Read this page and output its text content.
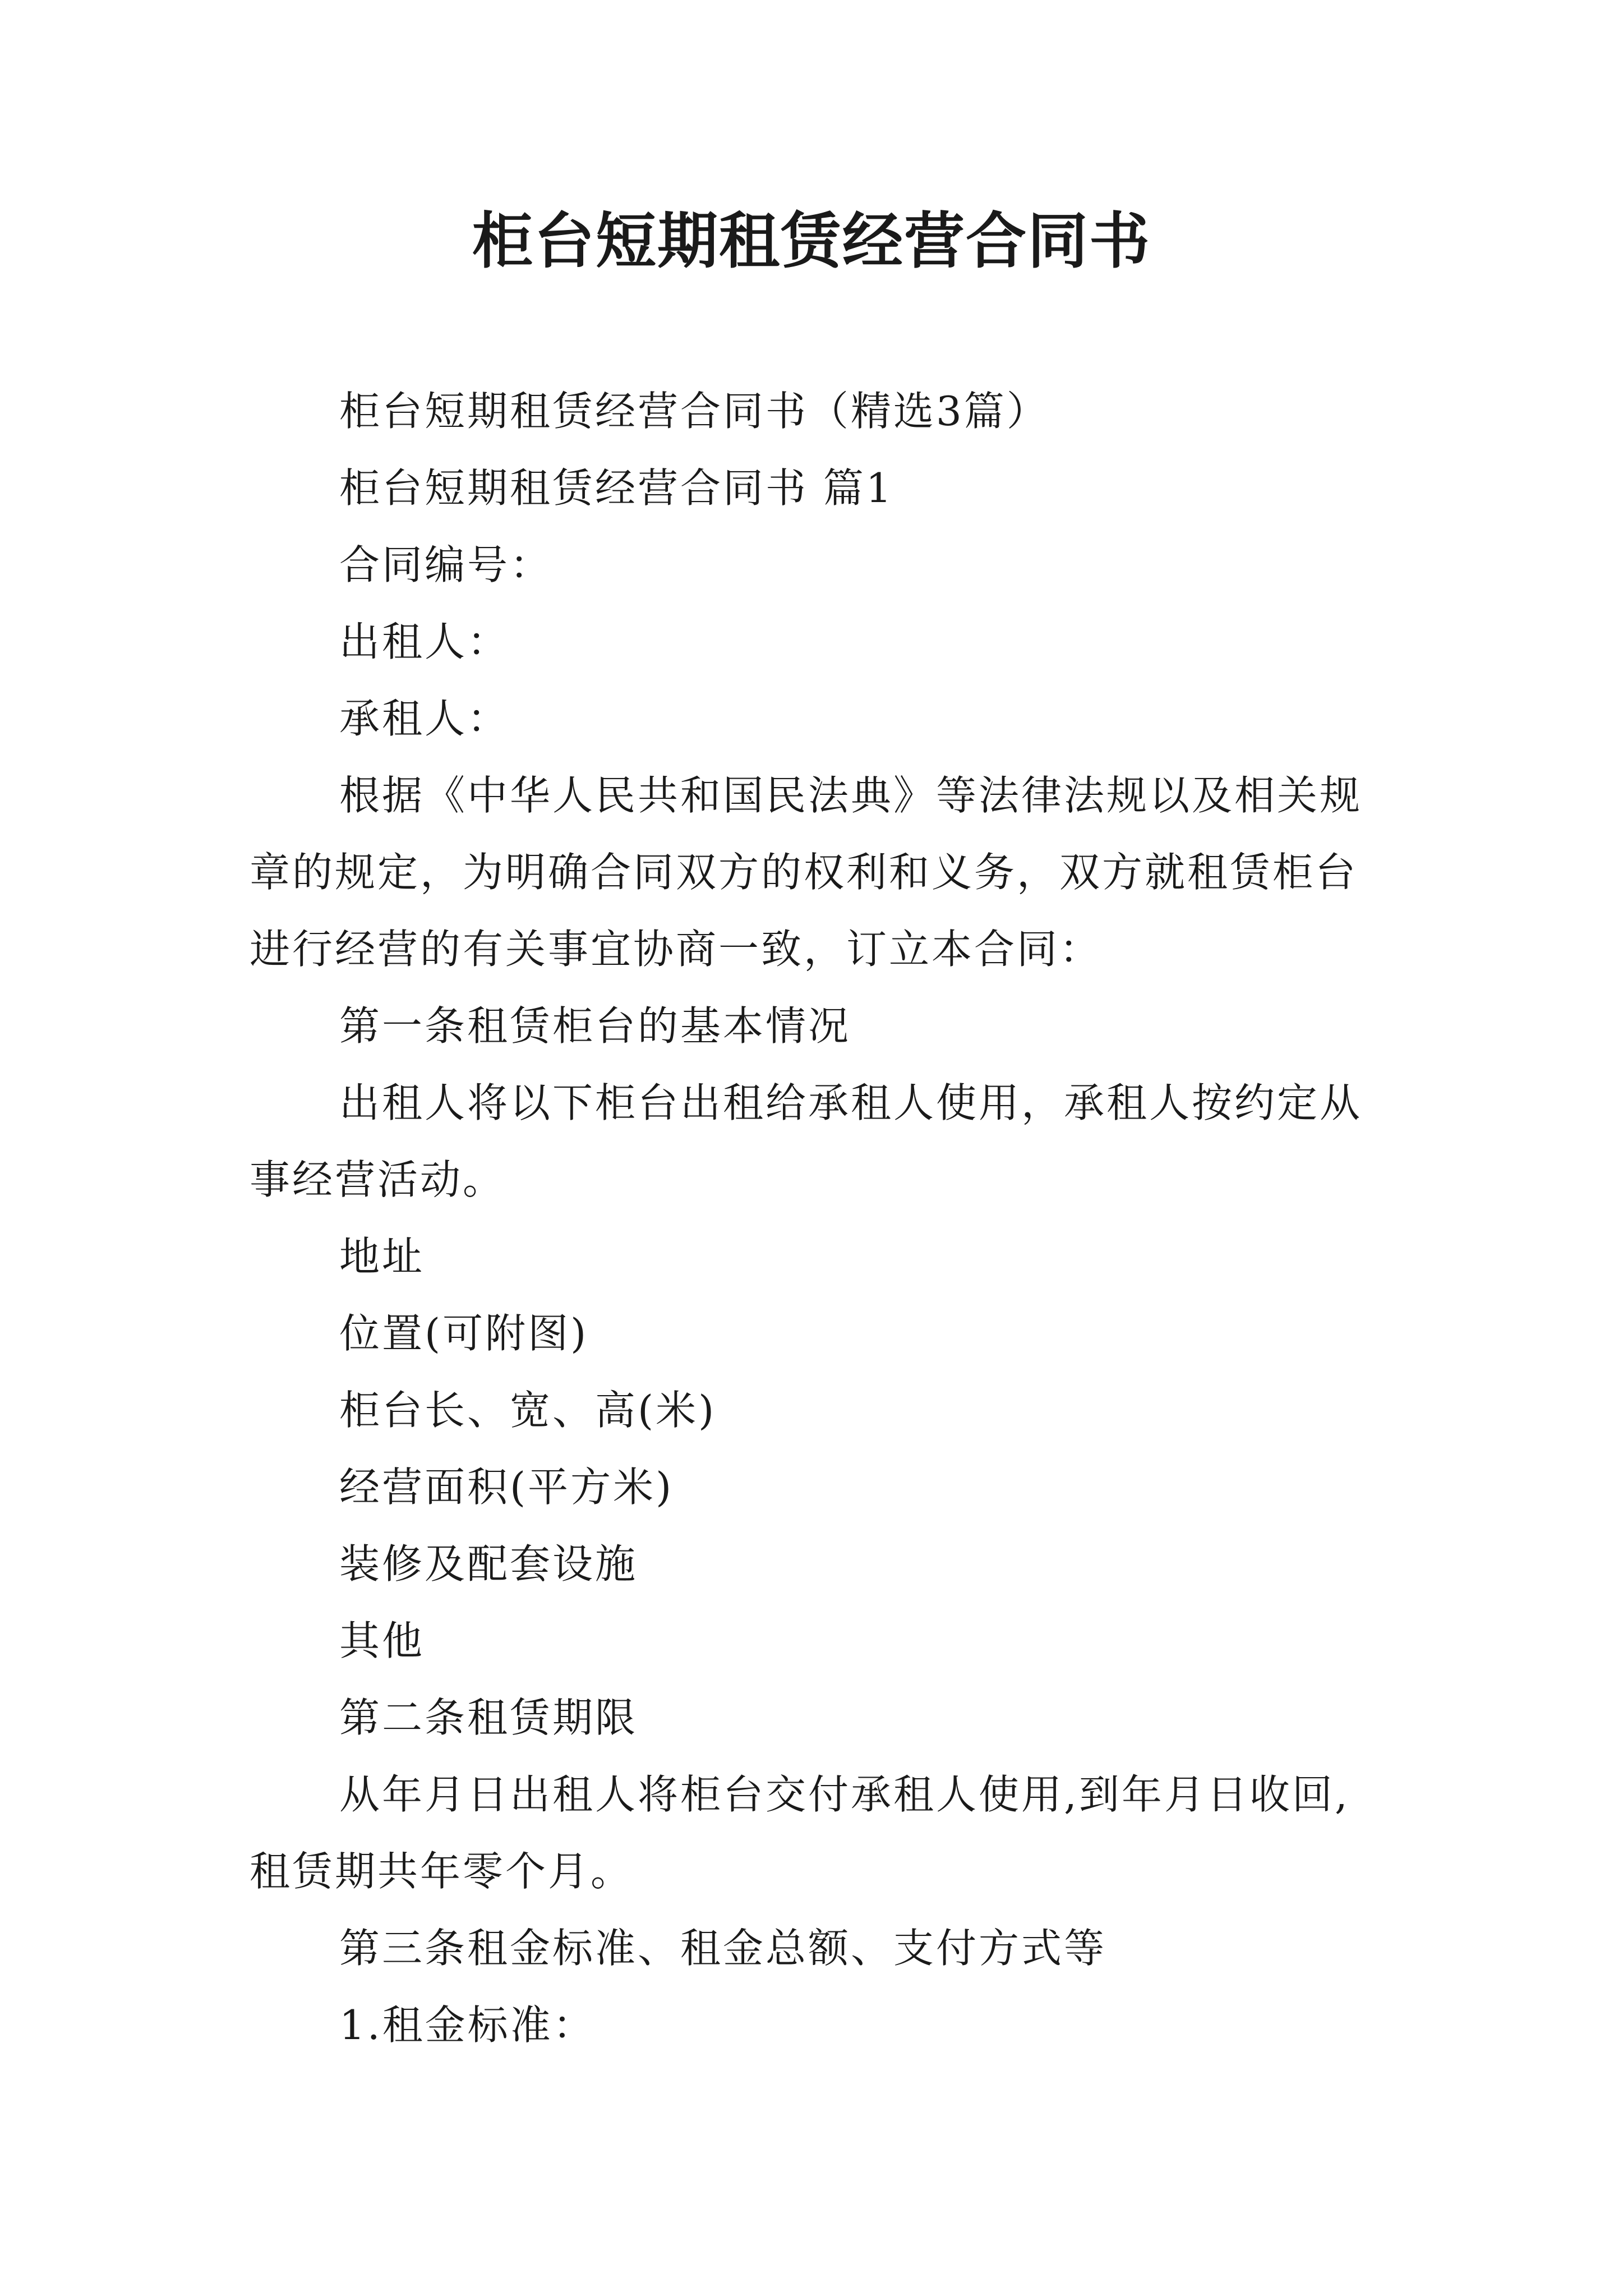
柜台短期租赁经营合同书

柜台短期租赁经营合同书（精选3篇）

柜台短期租赁经营合同书 篇1

合同编号：

出租人：

承租人：

根据《中华人民共和国民法典》等法律法规以及相关规章的规定，为明确合同双方的权利和义务，双方就租赁柜台进行经营的有关事宜协商一致，订立本合同：

第一条租赁柜台的基本情况

出租人将以下柜台出租给承租人使用，承租人按约定从事经营活动。

地址

位置(可附图)

柜台长、宽、高(米)

经营面积(平方米)

装修及配套设施

其他

第二条租赁期限

从年月日出租人将柜台交付承租人使用,到年月日收回,租赁期共年零个月。

第三条租金标准、租金总额、支付方式等

1.租金标准：
